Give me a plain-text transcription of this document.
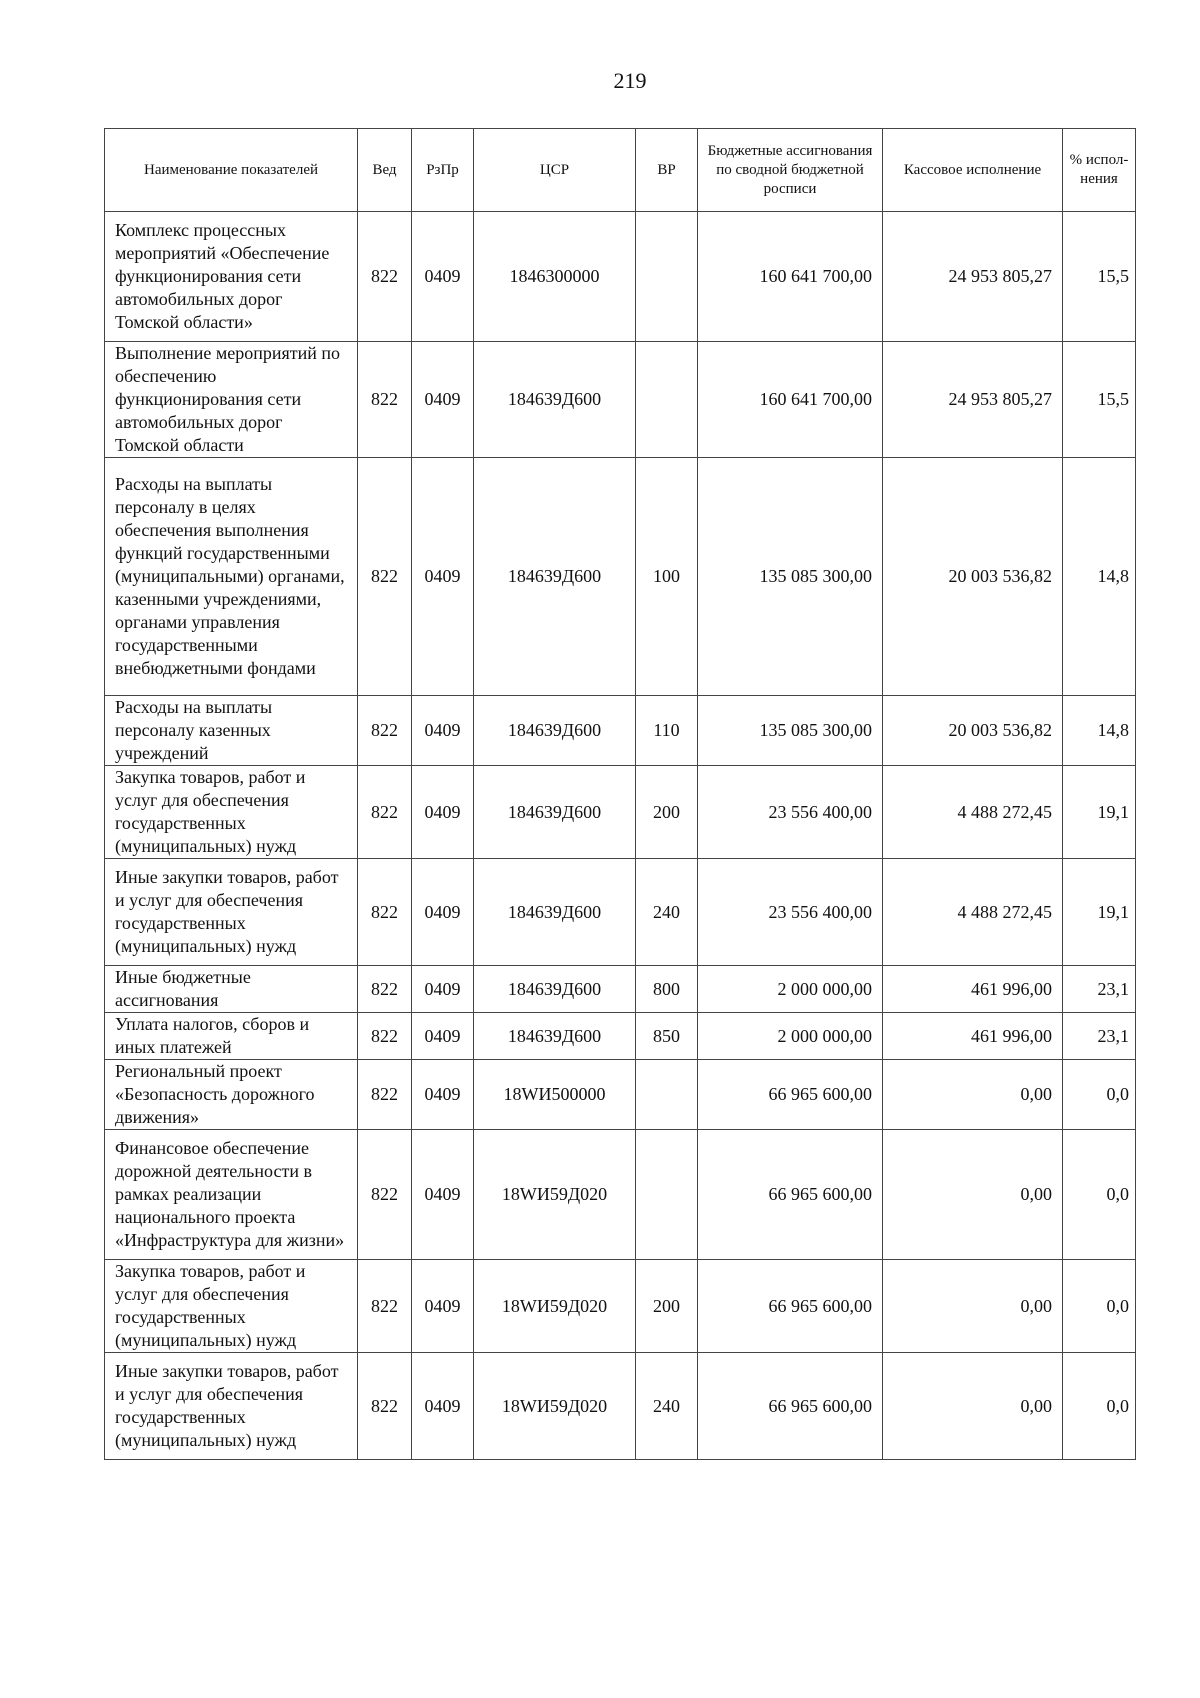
219
Наименование показателей	Вед	РзПр	ЦСР	ВР	Бюджетные ассигнования по сводной бюджетной росписи	Кассовое исполнение	% испол-нения
Комплекс процессных мероприятий «Обеспечение функционирования сети автомобильных дорог Томской области»	822	0409	1846300000		160 641 700,00	24 953 805,27	15,5
Выполнение мероприятий по обеспечению функционирования сети автомобильных дорог Томской области	822	0409	184639Д600		160 641 700,00	24 953 805,27	15,5
Расходы на выплаты персоналу в целях обеспечения выполнения функций государственными (муниципальными) органами, казенными учреждениями, органами управления государственными внебюджетными фондами	822	0409	184639Д600	100	135 085 300,00	20 003 536,82	14,8
Расходы на выплаты персоналу казенных учреждений	822	0409	184639Д600	110	135 085 300,00	20 003 536,82	14,8
Закупка товаров, работ и услуг для обеспечения государственных (муниципальных) нужд	822	0409	184639Д600	200	23 556 400,00	4 488 272,45	19,1
Иные закупки товаров, работ и услуг для обеспечения государственных (муниципальных) нужд	822	0409	184639Д600	240	23 556 400,00	4 488 272,45	19,1
Иные бюджетные ассигнования	822	0409	184639Д600	800	2 000 000,00	461 996,00	23,1
Уплата налогов, сборов и иных платежей	822	0409	184639Д600	850	2 000 000,00	461 996,00	23,1
Региональный проект «Безопасность дорожного движения»	822	0409	18WИ500000		66 965 600,00	0,00	0,0
Финансовое обеспечение дорожной деятельности в рамках реализации национального проекта «Инфраструктура для жизни»	822	0409	18WИ59Д020		66 965 600,00	0,00	0,0
Закупка товаров, работ и услуг для обеспечения государственных (муниципальных) нужд	822	0409	18WИ59Д020	200	66 965 600,00	0,00	0,0
Иные закупки товаров, работ и услуг для обеспечения государственных (муниципальных) нужд	822	0409	18WИ59Д020	240	66 965 600,00	0,00	0,0
